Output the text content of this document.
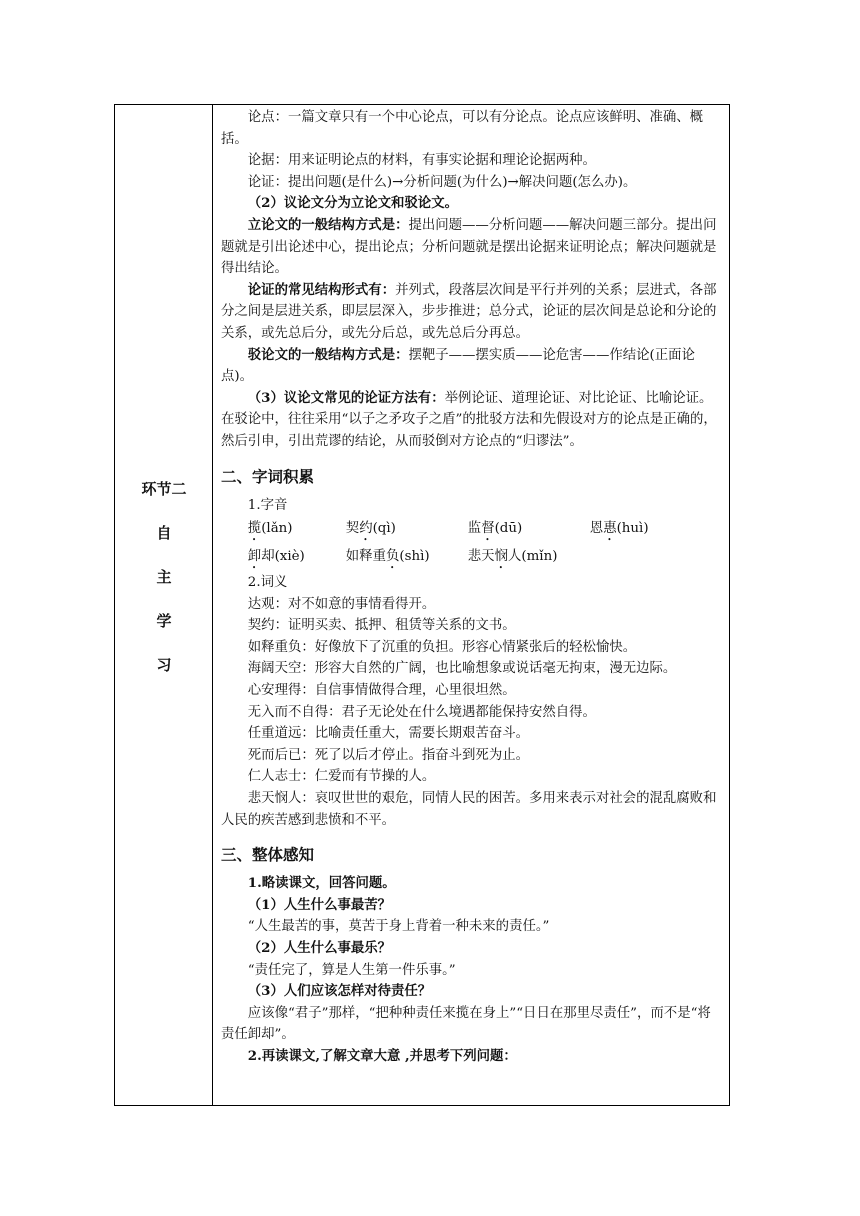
环节二
自
主
学
习

论点：一篇文章只有一个中心论点，可以有分论点。论点应该鲜明、准确、概括。

论据：用来证明论点的材料，有事实论据和理论论据两种。

论证：提出问题(是什么)→分析问题(为什么)→解决问题(怎么办)。

（2）议论文分为立论文和驳论文。

立论文的一般结构方式是：提出问题——分析问题——解决问题三部分。提出问题就是引出论述中心，提出论点；分析问题就是摆出论据来证明论点；解决问题就是得出结论。

论证的常见结构形式有：并列式，段落层次间是平行并列的关系；层进式，各部分之间是层进关系，即层层深入，步步推进；总分式，论证的层次间是总论和分论的关系，或先总后分，或先分后总，或先总后分再总。

驳论文的一般结构方式是：摆靶子——摆实质——论危害——作结论(正面论点)。

（3）议论文常见的论证方法有：举例论证、道理论证、对比论证、比喻论证。在驳论中，往往采用“以子之矛攻子之盾”的批驳方法和先假设对方的论点是正确的，然后引申，引出荒谬的结论，从而驳倒对方论点的“归谬法”。

二、字词积累

1.字音

揽(lǎn)	契约(qì)	监督(dū)	恩惠(huì)
卸却(xiè)	如释重负(shì)	悲天悯人(mǐn)

2.词义

达观：对不如意的事情看得开。

契约：证明买卖、抵押、租赁等关系的文书。

如释重负：好像放下了沉重的负担。形容心情紧张后的轻松愉快。

海阔天空：形容大自然的广阔，也比喻想象或说话毫无拘束，漫无边际。

心安理得：自信事情做得合理，心里很坦然。

无入而不自得：君子无论处在什么境遇都能保持安然自得。

任重道远：比喻责任重大，需要长期艰苦奋斗。

死而后已：死了以后才停止。指奋斗到死为止。

仁人志士：仁爱而有节操的人。

悲天悯人：哀叹世世的艰危，同情人民的困苦。多用来表示对社会的混乱腐败和人民的疾苦感到悲愤和不平。

三、整体感知

1.略读课文，回答问题。

（1）人生什么事最苦？

“人生最苦的事，莫苦于身上背着一种未来的责任。”

（2）人生什么事最乐？

“责任完了，算是人生第一件乐事。”

（3）人们应该怎样对待责任？

应该像“君子”那样，“把种种责任来揽在身上”“日日在那里尽责任”，而不是“将责任卸却”。

2.再读课文,了解文章大意 ,并思考下列问题：
